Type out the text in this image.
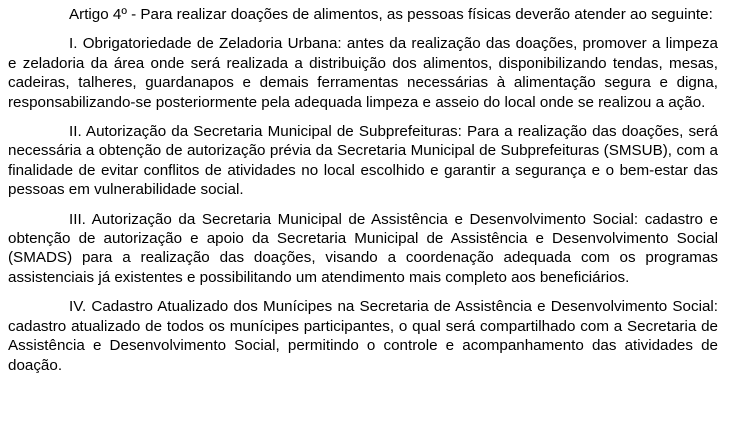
Artigo 4º - Para realizar doações de alimentos, as pessoas físicas deverão atender ao seguinte:

I. Obrigatoriedade de Zeladoria Urbana: antes da realização das doações, promover a limpeza e zeladoria da área onde será realizada a distribuição dos alimentos, disponibilizando tendas, mesas, cadeiras, talheres, guardanapos e demais ferramentas necessárias à alimentação segura e digna, responsabilizando-se posteriormente pela adequada limpeza e asseio do local onde se realizou a ação.

II. Autorização da Secretaria Municipal de Subprefeituras: Para a realização das doações, será necessária a obtenção de autorização prévia da Secretaria Municipal de Subprefeituras (SMSUB), com a finalidade de evitar conflitos de atividades no local escolhido e garantir a segurança e o bem-estar das pessoas em vulnerabilidade social.

III. Autorização da Secretaria Municipal de Assistência e Desenvolvimento Social: cadastro e obtenção de autorização e apoio da Secretaria Municipal de Assistência e Desenvolvimento Social (SMADS) para a realização das doações, visando a coordenação adequada com os programas assistenciais já existentes e possibilitando um atendimento mais completo aos beneficiários.

IV. Cadastro Atualizado dos Munícipes na Secretaria de Assistência e Desenvolvimento Social: cadastro atualizado de todos os munícipes participantes, o qual será compartilhado com a Secretaria de Assistência e Desenvolvimento Social, permitindo o controle e acompanhamento das atividades de doação.
